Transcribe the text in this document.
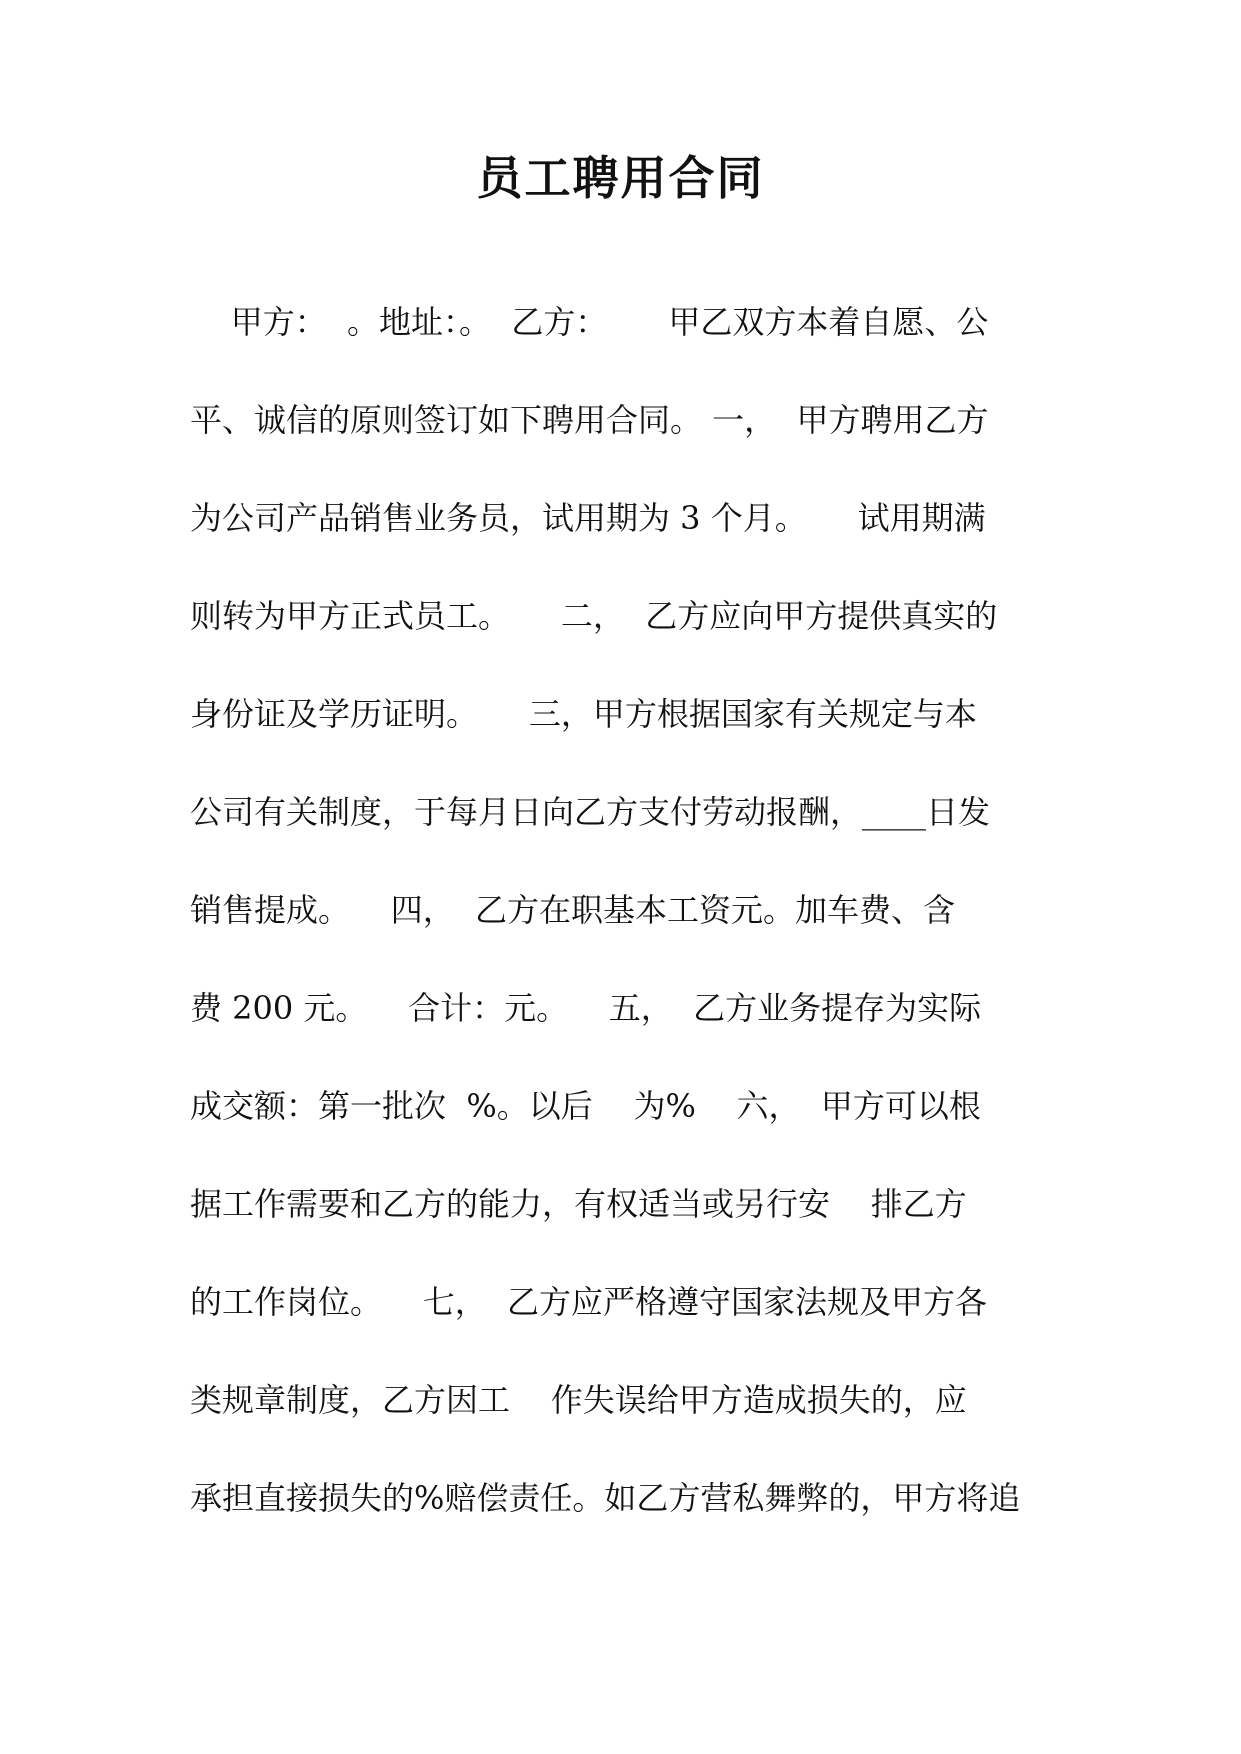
员工聘用合同
甲方：  。地址：。  乙方：      甲乙双方本着自愿、公
平、诚信的原则签订如下聘用合同。 一，  甲方聘用乙方
为公司产品销售业务员，试用期为 3 个月。     试用期满
则转为甲方正式员工。     二，  乙方应向甲方提供真实的
身份证及学历证明。     三，甲方根据国家有关规定与本
公司有关制度，于每月日向乙方支付劳动报酬，____日发
销售提成。    四，  乙方在职基本工资元。加车费、含
费 200 元。    合计：元。    五，  乙方业务提存为实际
成交额：第一批次  %。以后    为%    六，  甲方可以根
据工作需要和乙方的能力，有权适当或另行安    排乙方
的工作岗位。    七，  乙方应严格遵守国家法规及甲方各
类规章制度，乙方因工    作失误给甲方造成损失的，应
承担直接损失的%赔偿责任。如乙方营私舞弊的，甲方将追
